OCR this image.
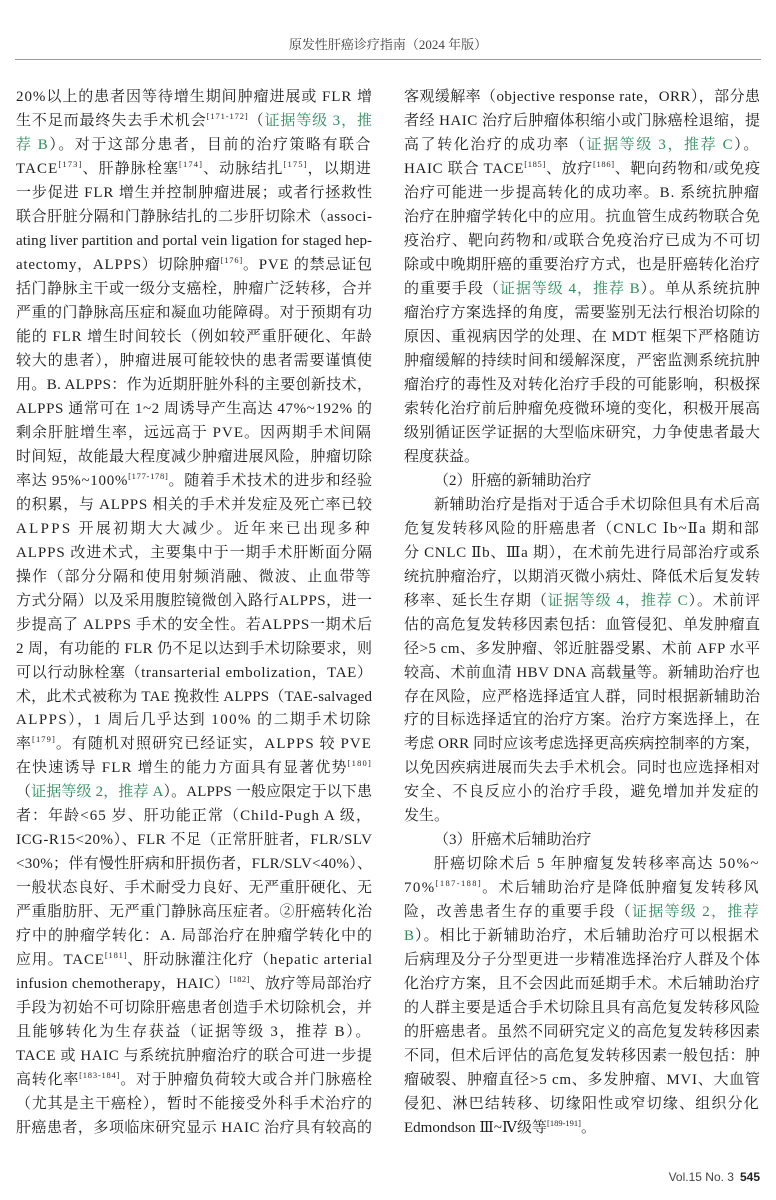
原发性肝癌诊疗指南（2024 年版）
20%以上的患者因等待增生期间肿瘤进展或 FLR 增
生不足而最终失去手术机会[171-172]（证据等级 3，推
荐 B）。对于这部分患者，目前的治疗策略有联合
TACE[173]、肝静脉栓塞[174]、动脉结扎[175]，以期进
一步促进 FLR 增生并控制肿瘤进展；或者行拯救性
联合肝脏分隔和门静脉结扎的二步肝切除术（associ-
ating liver partition and portal vein ligation for staged hep-
atectomy，ALPPS）切除肿瘤[176]。PVE 的禁忌证包
括门静脉主干或一级分支癌栓，肿瘤广泛转移，合并
严重的门静脉高压症和凝血功能障碍。对于预期有功
能的 FLR 增生时间较长（例如较严重肝硬化、年龄
较大的患者），肿瘤进展可能较快的患者需要谨慎使
用。B. ALPPS：作为近期肝脏外科的主要创新技术，
ALPPS 通常可在 1~2 周诱导产生高达 47%~192% 的
剩余肝脏增生率，远远高于 PVE。因两期手术间隔
时间短，故能最大程度减少肿瘤进展风险，肿瘤切除
率达 95%~100%[177-178]。随着手术技术的进步和经验
的积累，与 ALPPS 相关的手术并发症及死亡率已较
ALPPS 开展初期大大减少。近年来已出现多种
ALPPS 改进术式，主要集中于一期手术肝断面分隔
操作（部分分隔和使用射频消融、微波、止血带等
方式分隔）以及采用腹腔镜微创入路行ALPPS，进一
步提高了 ALPPS 手术的安全性。若ALPPS一期术后
2 周，有功能的 FLR 仍不足以达到手术切除要求，则
可以行动脉栓塞（transarterial embolization，TAE）
术，此术式被称为 TAE 挽救性 ALPPS（TAE-salvaged
ALPPS），1 周后几乎达到 100% 的二期手术切除
率[179]。有随机对照研究已经证实，ALPPS 较 PVE
在快速诱导 FLR 增生的能力方面具有显著优势[180]
（证据等级 2，推荐 A）。ALPPS 一般应限定于以下患
者：年龄<65 岁、肝功能正常（Child-Pugh A 级，
ICG-R15<20%）、FLR 不足（正常肝脏者，FLR/SLV
<30%；伴有慢性肝病和肝损伤者，FLR/SLV<40%）、
一般状态良好、手术耐受力良好、无严重肝硬化、无
严重脂肪肝、无严重门静脉高压症者。②肝癌转化治
疗中的肿瘤学转化：A. 局部治疗在肿瘤学转化中的
应用。TACE[181]、肝动脉灌注化疗（hepatic arterial
infusion chemotherapy，HAIC）[182]、放疗等局部治疗
手段为初始不可切除肝癌患者创造手术切除机会，并
且能够转化为生存获益（证据等级 3，推荐 B）。
TACE 或 HAIC 与系统抗肿瘤治疗的联合可进一步提
高转化率[183-184]。对于肿瘤负荷较大或合并门脉癌栓
（尤其是主干癌栓），暂时不能接受外科手术治疗的
肝癌患者，多项临床研究显示 HAIC 治疗具有较高的
客观缓解率（objective response rate，ORR），部分患
者经 HAIC 治疗后肿瘤体积缩小或门脉癌栓退缩，提
高了转化治疗的成功率（证据等级 3，推荐 C）。
HAIC 联合 TACE[185]、放疗[186]、靶向药物和/或免疫
治疗可能进一步提高转化的成功率。B. 系统抗肿瘤
治疗在肿瘤学转化中的应用。抗血管生成药物联合免
疫治疗、靶向药物和/或联合免疫治疗已成为不可切
除或中晚期肝癌的重要治疗方式，也是肝癌转化治疗
的重要手段（证据等级 4，推荐 B）。单从系统抗肿
瘤治疗方案选择的角度，需要鉴别无法行根治切除的
原因、重视病因学的处理、在 MDT 框架下严格随访
肿瘤缓解的持续时间和缓解深度，严密监测系统抗肿
瘤治疗的毒性及对转化治疗手段的可能影响，积极探
索转化治疗前后肿瘤免疫微环境的变化，积极开展高
级别循证医学证据的大型临床研究，力争使患者最大
程度获益。
（2）肝癌的新辅助治疗
新辅助治疗是指对于适合手术切除但具有术后高
危复发转移风险的肝癌患者（CNLC Ⅰb~Ⅱa 期和部
分 CNLC Ⅱb、Ⅲa 期），在术前先进行局部治疗或系
统抗肿瘤治疗，以期消灭微小病灶、降低术后复发转
移率、延长生存期（证据等级 4，推荐 C）。术前评
估的高危复发转移因素包括：血管侵犯、单发肿瘤直
径>5 cm、多发肿瘤、邻近脏器受累、术前 AFP 水平
较高、术前血清 HBV DNA 高载量等。新辅助治疗也
存在风险，应严格选择适宜人群，同时根据新辅助治
疗的目标选择适宜的治疗方案。治疗方案选择上，在
考虑 ORR 同时应该考虑选择更高疾病控制率的方案，
以免因疾病进展而失去手术机会。同时也应选择相对
安全、不良反应小的治疗手段，避免增加并发症的
发生。
（3）肝癌术后辅助治疗
肝癌切除术后 5 年肿瘤复发转移率高达 50%~
70%[187-188]。术后辅助治疗是降低肿瘤复发转移风
险，改善患者生存的重要手段（证据等级 2，推荐
B）。相比于新辅助治疗，术后辅助治疗可以根据术
后病理及分子分型更进一步精准选择治疗人群及个体
化治疗方案，且不会因此而延期手术。术后辅助治疗
的人群主要是适合手术切除且具有高危复发转移风险
的肝癌患者。虽然不同研究定义的高危复发转移因素
不同，但术后评估的高危复发转移因素一般包括：肿
瘤破裂、肿瘤直径>5 cm、多发肿瘤、MVI、大血管
侵犯、淋巴结转移、切缘阳性或窄切缘、组织分化
Edmondson Ⅲ~Ⅳ级等[189-191]。
Vol.15 No. 3 545
